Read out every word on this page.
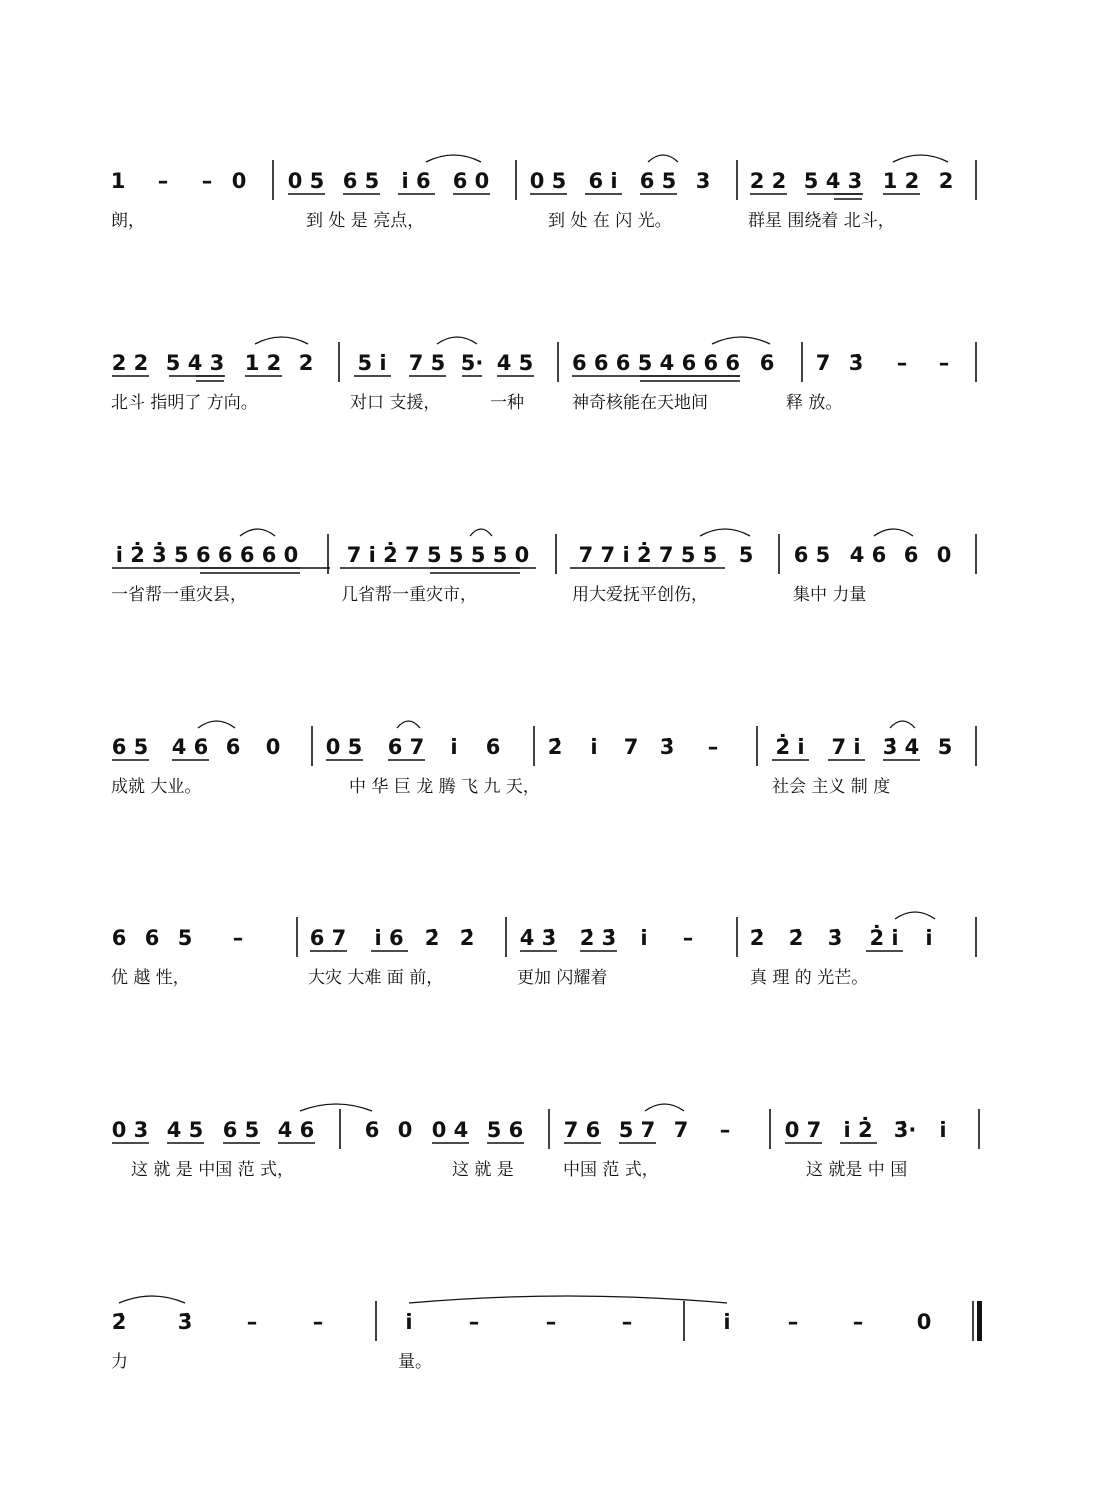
1 – – 0 0 5 6 5 i̇ 6 6 0 0 5 6 i̇ 6 5 3 2 2 5 4 3 1 2 2
朗，	到 处 是 亮点，	到 处 在 闪 光。	群星 围绕着 北斗，
2 2 5 4 3 1 2 2 5 i̇ 7 5 5· 4 5 6 6 6 5 4 6 6 6 6 7 3̇ – –
北斗 指明了 方向。	对口 支援，	一种	神奇核能在天地间	释 放。
i̇ 2̇ 3̇ 5 6 6 6 6 0 7 i̇ 2̇ 7 5 5 5 5 0 7 7 i̇ 2̇ 7 5 5 5 6 5 4 6 6 0
一省帮一重灾县，	几省帮一重灾市，	用大爱抚平创伤，	集中 力量
6 5 4 6 6 0 0 5 6 7 i̇ 6 2̇ i̇ 7 3̇ –	2̇ i̇ 7 i̇ 3̇ 4 5
成就 大业。	中 华 巨 龙 腾 飞 九 天，	社会 主义 制 度
6 6 5 –	6 7 i̇ 6 2̇ 2̇ 4̇ 3̇ 2̇ 3̇ i̇ –	2̇ 2̇ 3̇ 2̇ i̇ i̇
优 越 性，	大灾 大难 面 前，	更加 闪耀着	真 理 的 光芒。
0 3 4 5 6 5 4 6 6 0 0 4 5 6 7 6 5 7 7 –	0 7 i̇ 2̇ 3̇· i̇
这 就 是 中国 范 式，	这 就 是	中国 范 式，	这 就是 中 国
2̇ 3̇	–	–	i̇	–	–	–	i̇	–	–	0
力	量。
